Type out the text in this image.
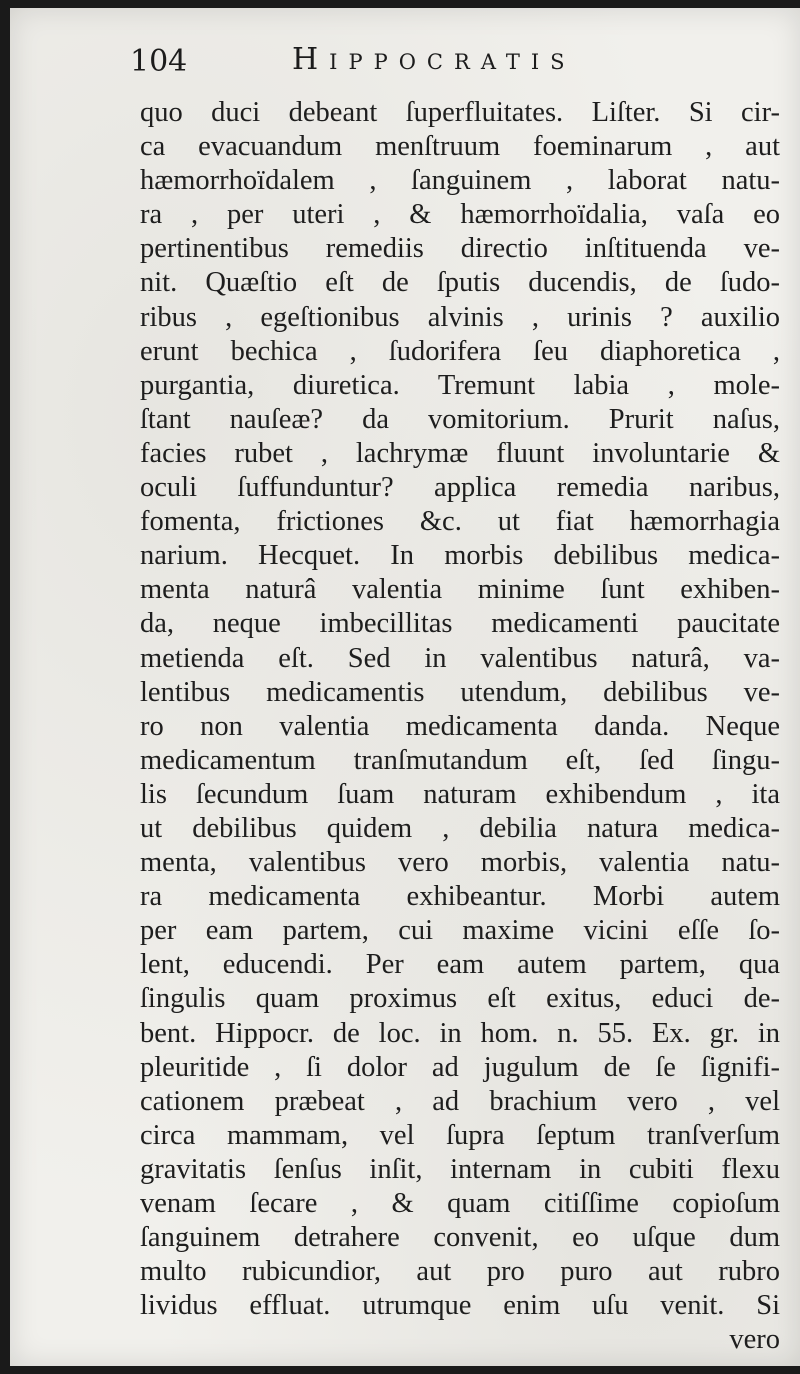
104	Hippocratis
quo duci debeant ſuperfluitates. Liſter. Si cir-
ca evacuandum menſtruum foeminarum , aut
hæmorrhoïdalem , ſanguinem , laborat natu-
ra , per uteri , & hæmorrhoïdalia, vaſa eo
pertinentibus remediis directio inſtituenda ve-
nit. Quæſtio eſt de ſputis ducendis, de ſudo-
ribus , egeſtionibus alvinis , urinis ? auxilio
erunt bechica , ſudorifera ſeu diaphoretica ,
purgantia, diuretica. Tremunt labia , mole-
ſtant nauſeæ? da vomitorium. Prurit naſus,
facies rubet , lachrymæ fluunt involuntarie &
oculi ſuffunduntur? applica remedia naribus,
fomenta, frictiones &c. ut fiat hæmorrhagia
narium. Hecquet. In morbis debilibus medica-
menta naturâ valentia minime ſunt exhiben-
da, neque imbecillitas medicamenti paucitate
metienda eſt. Sed in valentibus naturâ, va-
lentibus medicamentis utendum, debilibus ve-
ro non valentia medicamenta danda. Neque
medicamentum tranſmutandum eſt, ſed ſingu-
lis ſecundum ſuam naturam exhibendum , ita
ut debilibus quidem , debilia natura medica-
menta, valentibus vero morbis, valentia natu-
ra medicamenta exhibeantur. Morbi autem
per eam partem, cui maxime vicini eſſe ſo-
lent, educendi. Per eam autem partem, qua
ſingulis quam proximus eſt exitus, educi de-
bent. Hippocr. de loc. in hom. n. 55. Ex. gr. in
pleuritide , ſi dolor ad jugulum de ſe ſignifi-
cationem præbeat , ad brachium vero , vel
circa mammam, vel ſupra ſeptum tranſverſum
gravitatis ſenſus inſit, internam in cubiti flexu
venam ſecare , & quam citiſſime copioſum
ſanguinem detrahere convenit, eo uſque dum
multo rubicundior, aut pro puro aut rubro
lividus effluat. utrumque enim uſu venit. Si
vero
